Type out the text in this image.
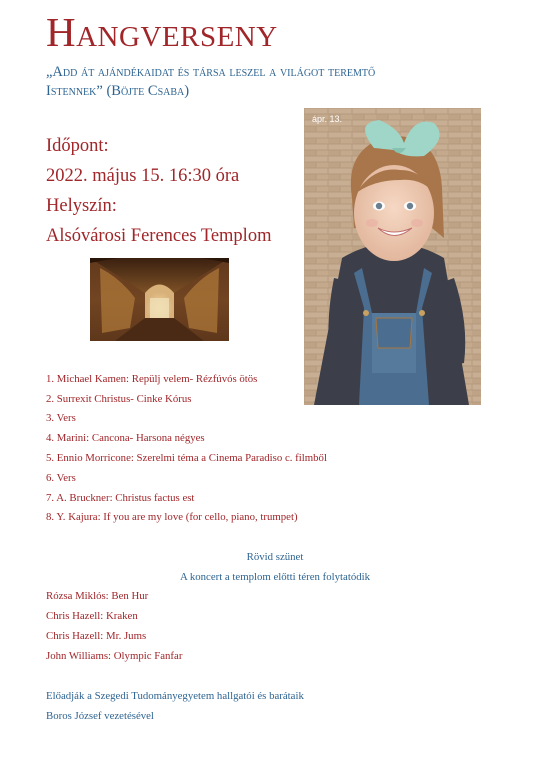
Hangverseny
„Add át ajándékaidat és társa leszel a világot teremtő
Istennek” (Böjte Csaba)
Időpont:
2022. május 15. 16:30 óra
Helyszín:
Alsóvárosi Ferences Templom
ápr. 13.
1. Michael Kamen: Repülj velem- Rézfúvós ötös
2. Surrexit Christus- Cinke Kórus
3. Vers
4. Marini: Cancona- Harsona négyes
5. Ennio Morricone: Szerelmi téma a Cinema Paradiso c. filmből
6. Vers
7. A. Bruckner: Christus factus est
8. Y. Kajura: If you are my love (for cello, piano, trumpet)
Rövid szünet
A koncert a templom előtti téren folytatódik
Rózsa Miklós: Ben Hur
Chris Hazell: Kraken
Chris Hazell: Mr. Jums
John Williams: Olympic Fanfar
Előadják a Szegedi Tudományegyetem hallgatói és barátaik
Boros József vezetésével
